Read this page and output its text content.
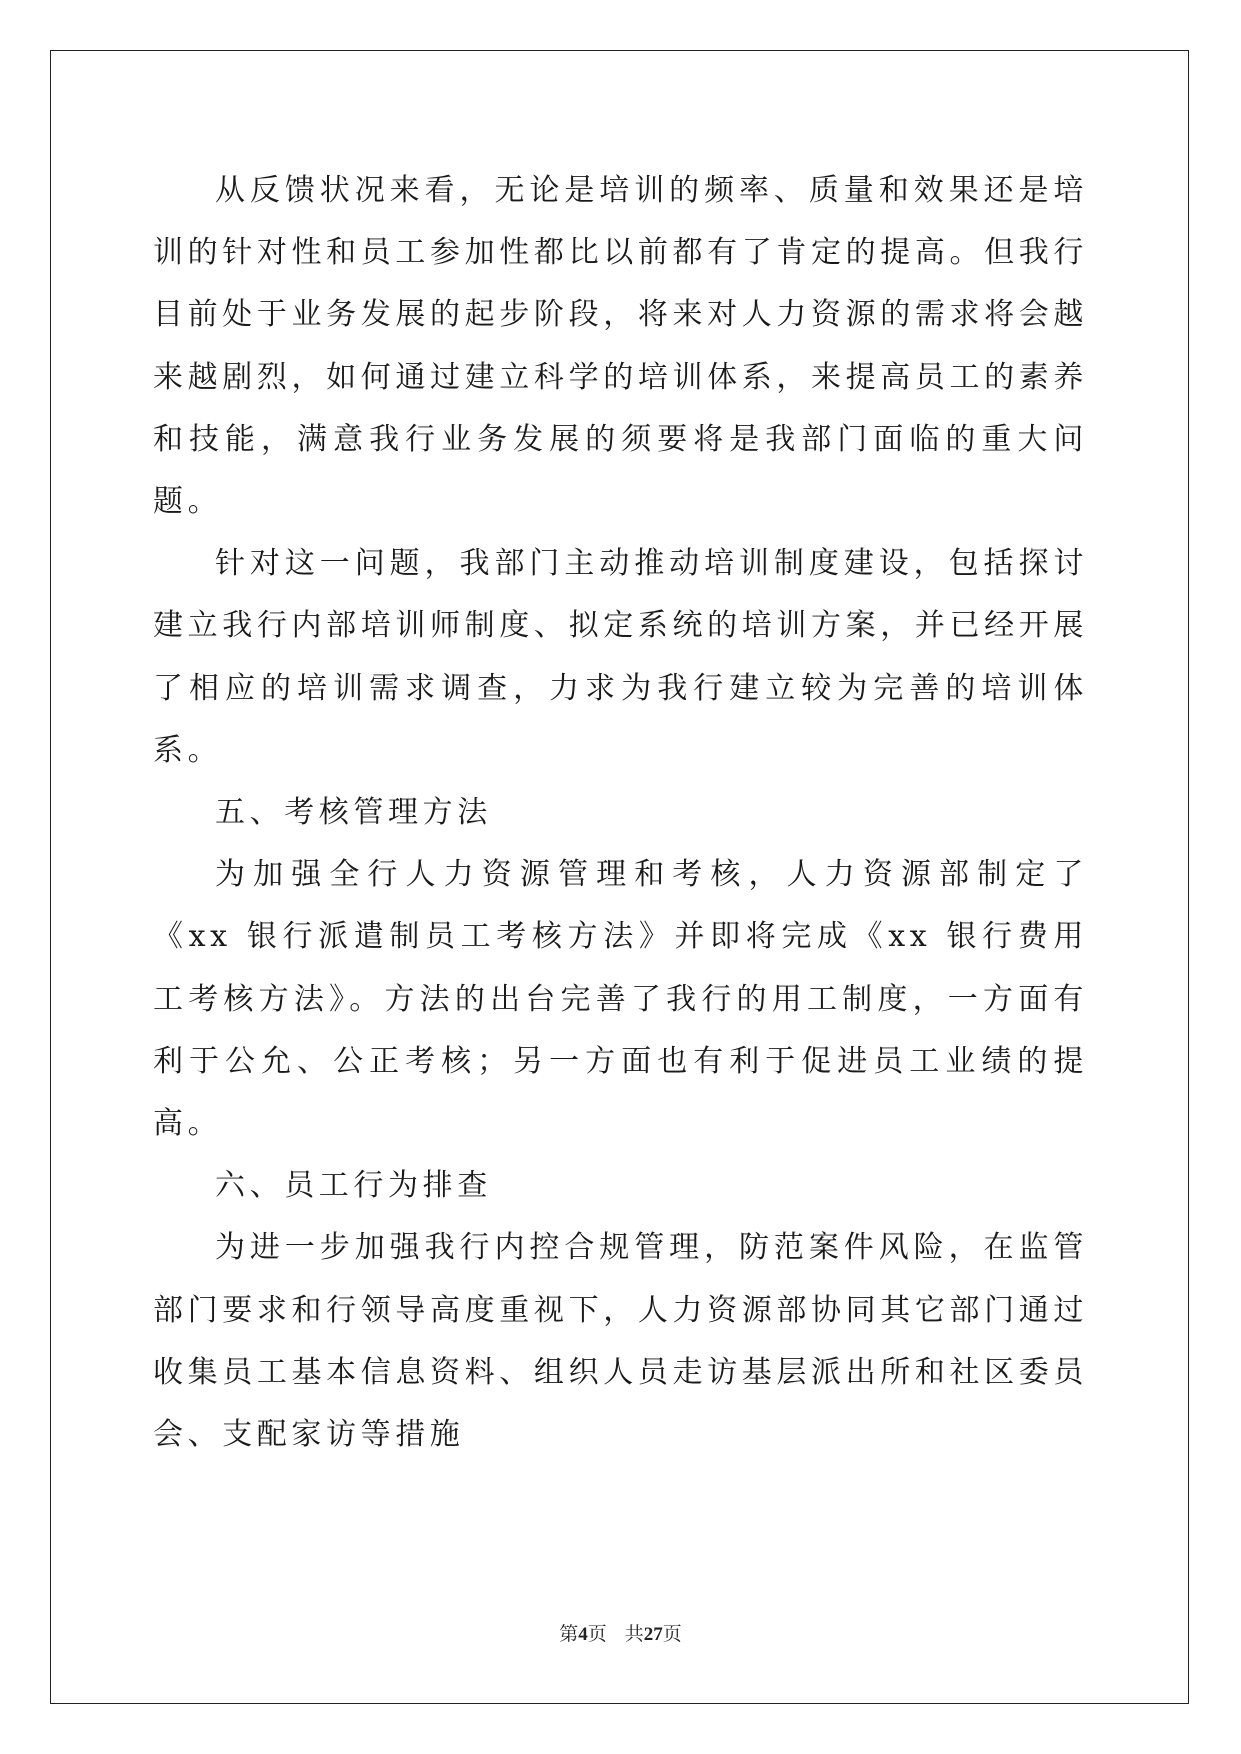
从反馈状况来看，无论是培训的频率、质量和效果还是培训的针对性和员工参加性都比以前都有了肯定的提高。但我行目前处于业务发展的起步阶段，将来对人力资源的需求将会越来越剧烈，如何通过建立科学的培训体系，来提高员工的素养和技能，满意我行业务发展的须要将是我部门面临的重大问题。

针对这一问题，我部门主动推动培训制度建设，包括探讨建立我行内部培训师制度、拟定系统的培训方案，并已经开展了相应的培训需求调查，力求为我行建立较为完善的培训体系。

五、考核管理方法

为加强全行人力资源管理和考核，人力资源部制定了《xx 银行派遣制员工考核方法》并即将完成《xx 银行费用工考核方法》。方法的出台完善了我行的用工制度，一方面有利于公允、公正考核；另一方面也有利于促进员工业绩的提高。

六、员工行为排查

为进一步加强我行内控合规管理，防范案件风险，在监管部门要求和行领导高度重视下，人力资源部协同其它部门通过收集员工基本信息资料、组织人员走访基层派出所和社区委员会、支配家访等措施

第4页 共27页
